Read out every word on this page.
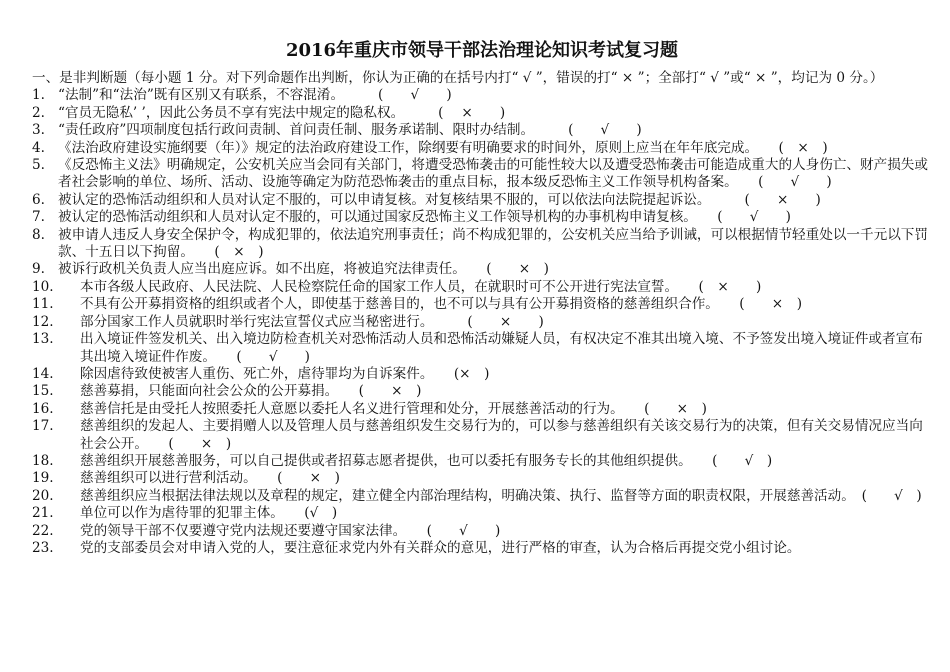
2016年重庆市领导干部法治理论知识考试复习题

一、是非判断题（每小题 1 分。对下列命题作出判断，你认为正确的在括号内打“ √ ”，错误的打“ × ”；全部打“ √ ”或“ × ”，均记为 0 分。）

1. “法制”和“法治”既有区别又有联系，不容混淆。　　　(　　√　　)
2. “官员无隐私’ ’，因此公务员不享有宪法中规定的隐私权。　　　(　 ×　　)
3. “责任政府”四项制度包括行政问责制、首问责任制、服务承诺制、限时办结制。　　　(　　√　　)
4. 《法治政府建设实施纲要（年）》规定的法治政府建设工作，除纲要有明确要求的时间外，原则上应当在年年底完成。　　(　×　)
5. 《反恐怖主义法》明确规定，公安机关应当会同有关部门，将遭受恐怖袭击的可能性较大以及遭受恐怖袭击可能造成重大的人身伤亡、财产损失或者社会影响的单位、场所、活动、设施等确定为防范恐怖袭击的重点目标，报本级反恐怖主义工作领导机构备案。　　(　　√　　)
6. 被认定的恐怖活动组织和人员对认定不服的，可以申请复核。对复核结果不服的，可以依法向法院提起诉讼。　　　(　　×　　)
7. 被认定的恐怖活动组织和人员对认定不服的，可以通过国家反恐怖主义工作领导机构的办事机构申请复核。　　(　　√　　)
8. 被申请人违反人身安全保护令，构成犯罪的，依法追究刑事责任；尚不构成犯罪的，公安机关应当给予训诫，可以根据情节轻重处以一千元以下罚款、十五日以下拘留。　　(　×　)
9. 被诉行政机关负责人应当出庭应诉。如不出庭，将被追究法律责任。　　(　　×　)
10.	本市各级人民政府、人民法院、人民检察院任命的国家工作人员，在就职时可不公开进行宪法宣誓。　　(　×　　)
11.	不具有公开募捐资格的组织或者个人，即使基于慈善目的，也不可以与具有公开募捐资格的慈善组织合作。　　(　　×　)
12.	部分国家工作人员就职时举行宪法宣誓仪式应当秘密进行。　　　(　　×　　)
13.	出入境证件签发机关、出入境边防检查机关对恐怖活动人员和恐怖活动嫌疑人员，有权决定不准其出境入境、不予签发出境入境证件或者宣布其出境入境证件作废。　　(　　√　　)
14.	除因虐待致使被害人重伤、死亡外，虐待罪均为自诉案件。　　(×　)
15.	慈善募捐，只能面向社会公众的公开募捐。　　(　　×　)
16.	慈善信托是由受托人按照委托人意愿以委托人名义进行管理和处分，开展慈善活动的行为。　　(　　×　)
17.	慈善组织的发起人、主要捐赠人以及管理人员与慈善组织发生交易行为的，可以参与慈善组织有关该交易行为的决策，但有关交易情况应当向社会公开。　　(　　×　)
18.	慈善组织开展慈善服务，可以自己提供或者招募志愿者提供，也可以委托有服务专长的其他组织提供。　　(　　√　)
19.	慈善组织可以进行营利活动。　　(　　×　)
20.	慈善组织应当根据法律法规以及章程的规定，建立健全内部治理结构，明确决策、执行、监督等方面的职责权限，开展慈善活动。　(　　√　)
21.	单位可以作为虐待罪的犯罪主体。　　(√　)
22.	党的领导干部不仅要遵守党内法规还要遵守国家法律。　　(　　√　　)
23.	党的支部委员会对申请入党的人，要注意征求党内外有关群众的意见，进行严格的审查，认为合格后再提交党小组讨论。
